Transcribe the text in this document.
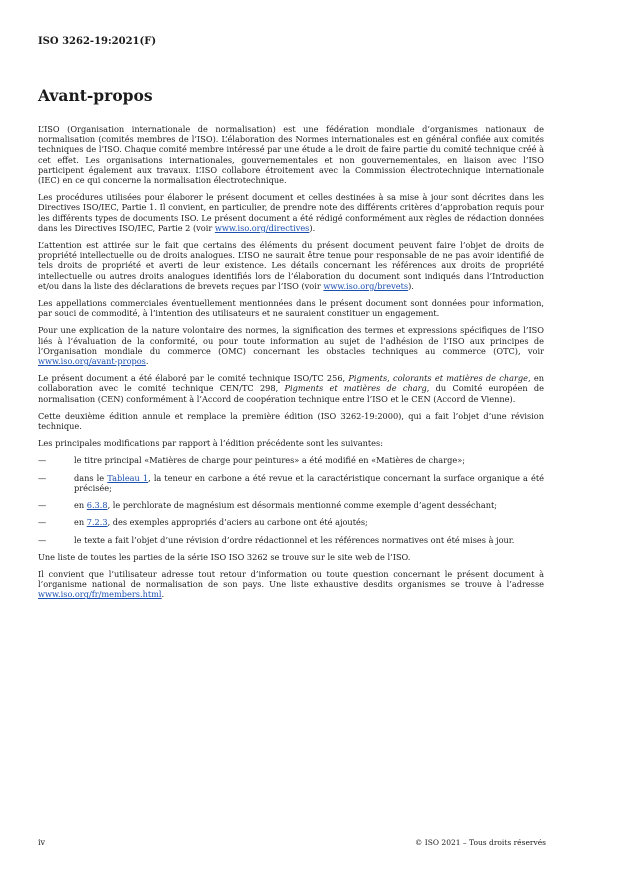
ISO 3262-19:2021(F)
Avant-propos

L’ISO (Organisation internationale de normalisation) est une fédération mondiale d’organismes nationaux de normalisation (comités membres de l’ISO). L’élaboration des Normes internationales est en général confiée aux comités techniques de l’ISO. Chaque comité membre intéressé par une étude a le droit de faire partie du comité technique créé à cet effet. Les organisations internationales, gouvernementales et non gouvernementales, en liaison avec l’ISO participent également aux travaux. L’ISO collabore étroitement avec la Commission électrotechnique internationale (IEC) en ce qui concerne la normalisation électrotechnique.

Les procédures utilisées pour élaborer le présent document et celles destinées à sa mise à jour sont décrites dans les Directives ISO/IEC, Partie 1. Il convient, en particulier, de prendre note des différents critères d’approbation requis pour les différents types de documents ISO. Le présent document a été rédigé conformément aux règles de rédaction données dans les Directives ISO/IEC, Partie 2 (voir www.iso.org/directives).

L’attention est attirée sur le fait que certains des éléments du présent document peuvent faire l’objet de droits de propriété intellectuelle ou de droits analogues. L’ISO ne saurait être tenue pour responsable de ne pas avoir identifié de tels droits de propriété et averti de leur existence. Les détails concernant les références aux droits de propriété intellectuelle ou autres droits analogues identifiés lors de l’élaboration du document sont indiqués dans l’Introduction et/ou dans la liste des déclarations de brevets reçues par l’ISO (voir www.iso.org/brevets).

Les appellations commerciales éventuellement mentionnées dans le présent document sont données pour information, par souci de commodité, à l’intention des utilisateurs et ne sauraient constituer un engagement.

Pour une explication de la nature volontaire des normes, la signification des termes et expressions spécifiques de l’ISO liés à l’évaluation de la conformité, ou pour toute information au sujet de l’adhésion de l’ISO aux principes de l’Organisation mondiale du commerce (OMC) concernant les obstacles techniques au commerce (OTC), voir www.iso.org/avant-propos.

Le présent document a été élaboré par le comité technique ISO/TC 256, Pigments, colorants et matières de charge, en collaboration avec le comité technique CEN/TC 298, Pigments et matières de charg, du Comité européen de normalisation (CEN) conformément à l’Accord de coopération technique entre l’ISO et le CEN (Accord de Vienne).

Cette deuxième édition annule et remplace la première édition (ISO 3262-19:2000), qui a fait l’objet d’une révision technique.

Les principales modifications par rapport à l’édition précédente sont les suivantes:

—	le titre principal «Matières de charge pour peintures» a été modifié en «Matières de charge»;
—	dans le Tableau 1, la teneur en carbone a été revue et la caractéristique concernant la surface organique a été précisée;
—	en 6.3.8, le perchlorate de magnésium est désormais mentionné comme exemple d’agent desséchant;
—	en 7.2.3, des exemples appropriés d’aciers au carbone ont été ajoutés;
—	le texte a fait l’objet d’une révision d’ordre rédactionnel et les références normatives ont été mises à jour.

Une liste de toutes les parties de la série ISO ISO 3262 se trouve sur le site web de l’ISO.

Il convient que l’utilisateur adresse tout retour d’information ou toute question concernant le présent document à l’organisme national de normalisation de son pays. Une liste exhaustive desdits organismes se trouve à l’adresse www.iso.org/fr/members.html.

iv	© ISO 2021 – Tous droits réservés
